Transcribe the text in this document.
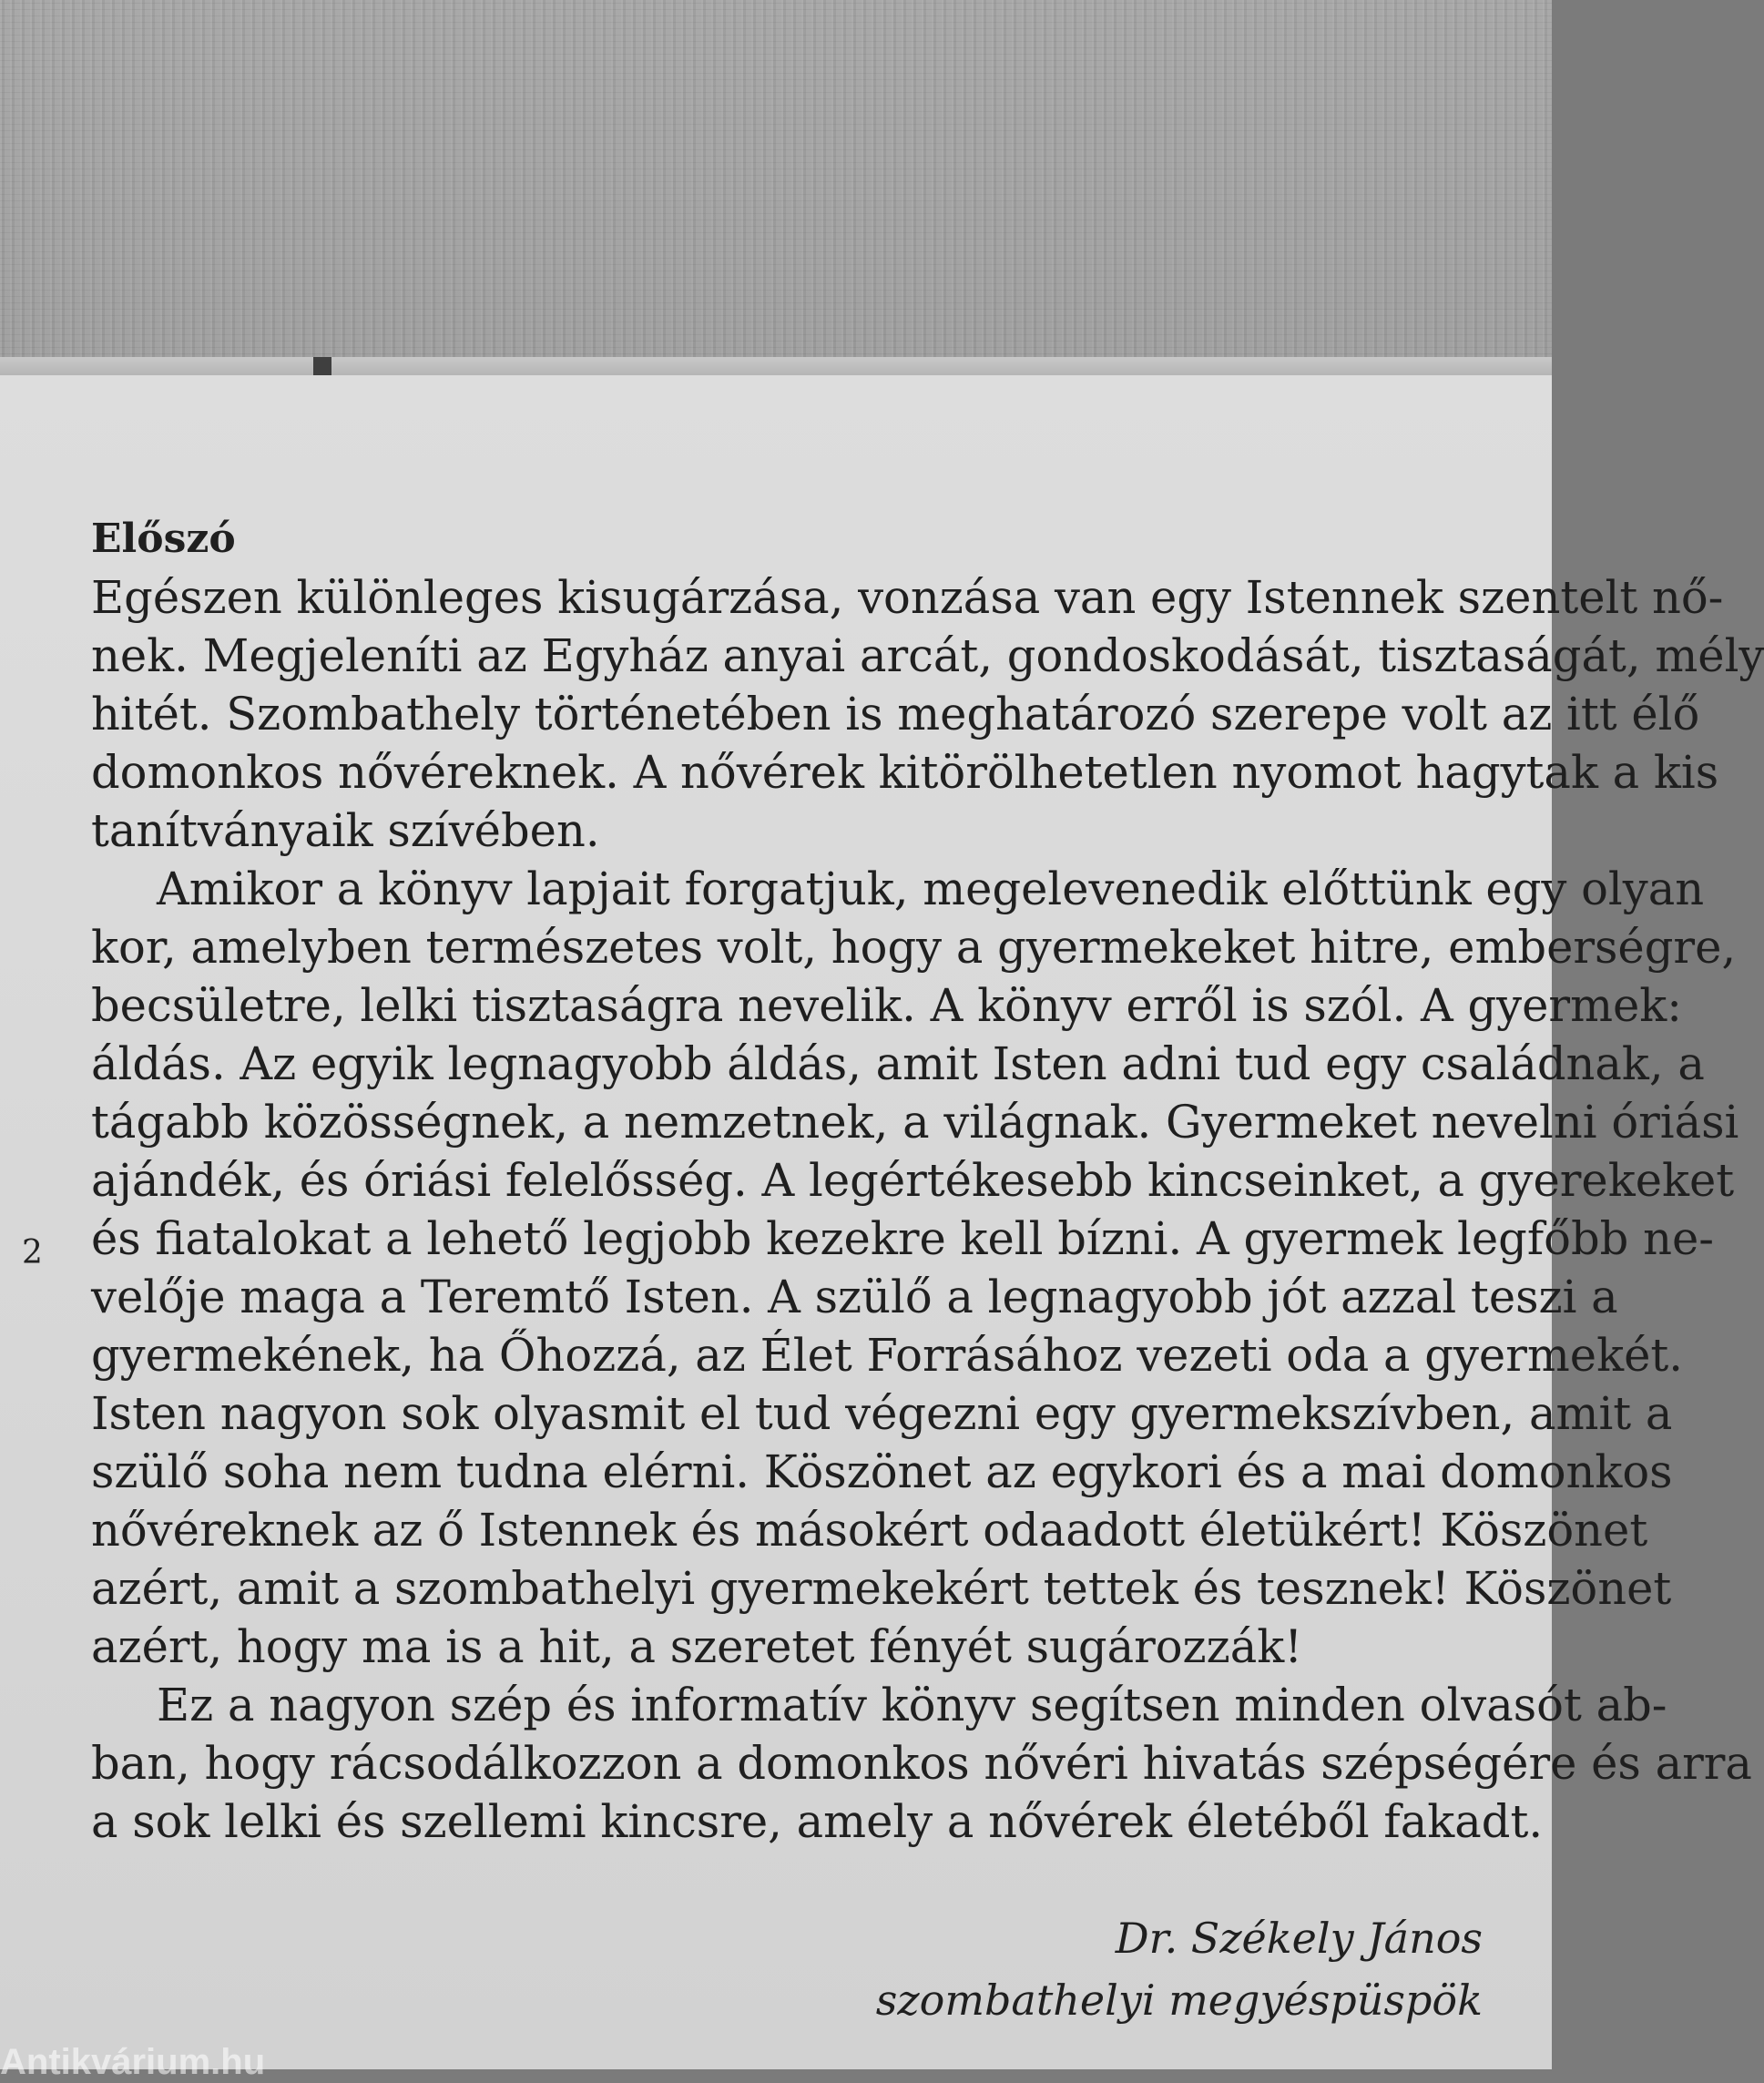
2
Előszó
Egészen különleges kisugárzása, vonzása van egy Istennek szentelt nő-
nek. Megjeleníti az Egyház anyai arcát, gondoskodását, tisztaságát, mély
hitét. Szombathely történetében is meghatározó szerepe volt az itt élő
domonkos nővéreknek. A nővérek kitörölhetetlen nyomot hagytak a kis
tanítványaik szívében.
Amikor a könyv lapjait forgatjuk, megelevenedik előttünk egy olyan
kor, amelyben természetes volt, hogy a gyermekeket hitre, emberségre,
becsületre, lelki tisztaságra nevelik. A könyv erről is szól. A gyermek:
áldás. Az egyik legnagyobb áldás, amit Isten adni tud egy családnak, a
tágabb közösségnek, a nemzetnek, a világnak. Gyermeket nevelni óriási
ajándék, és óriási felelősség. A legértékesebb kincseinket, a gyerekeket
és fiatalokat a lehető legjobb kezekre kell bízni. A gyermek legfőbb ne-
velője maga a Teremtő Isten. A szülő a legnagyobb jót azzal teszi a
gyermekének, ha Őhozzá, az Élet Forrásához vezeti oda a gyermekét.
Isten nagyon sok olyasmit el tud végezni egy gyermekszívben, amit a
szülő soha nem tudna elérni. Köszönet az egykori és a mai domonkos
nővéreknek az ő Istennek és másokért odaadott életükért! Köszönet
azért, amit a szombathelyi gyermekekért tettek és tesznek! Köszönet
azért, hogy ma is a hit, a szeretet fényét sugározzák!
Ez a nagyon szép és informatív könyv segítsen minden olvasót ab-
ban, hogy rácsodálkozzon a domonkos nővéri hivatás szépségére és arra
a sok lelki és szellemi kincsre, amely a nővérek életéből fakadt.
Dr. Székely János
szombathelyi megyéspüspök
Antikvárium.hu
